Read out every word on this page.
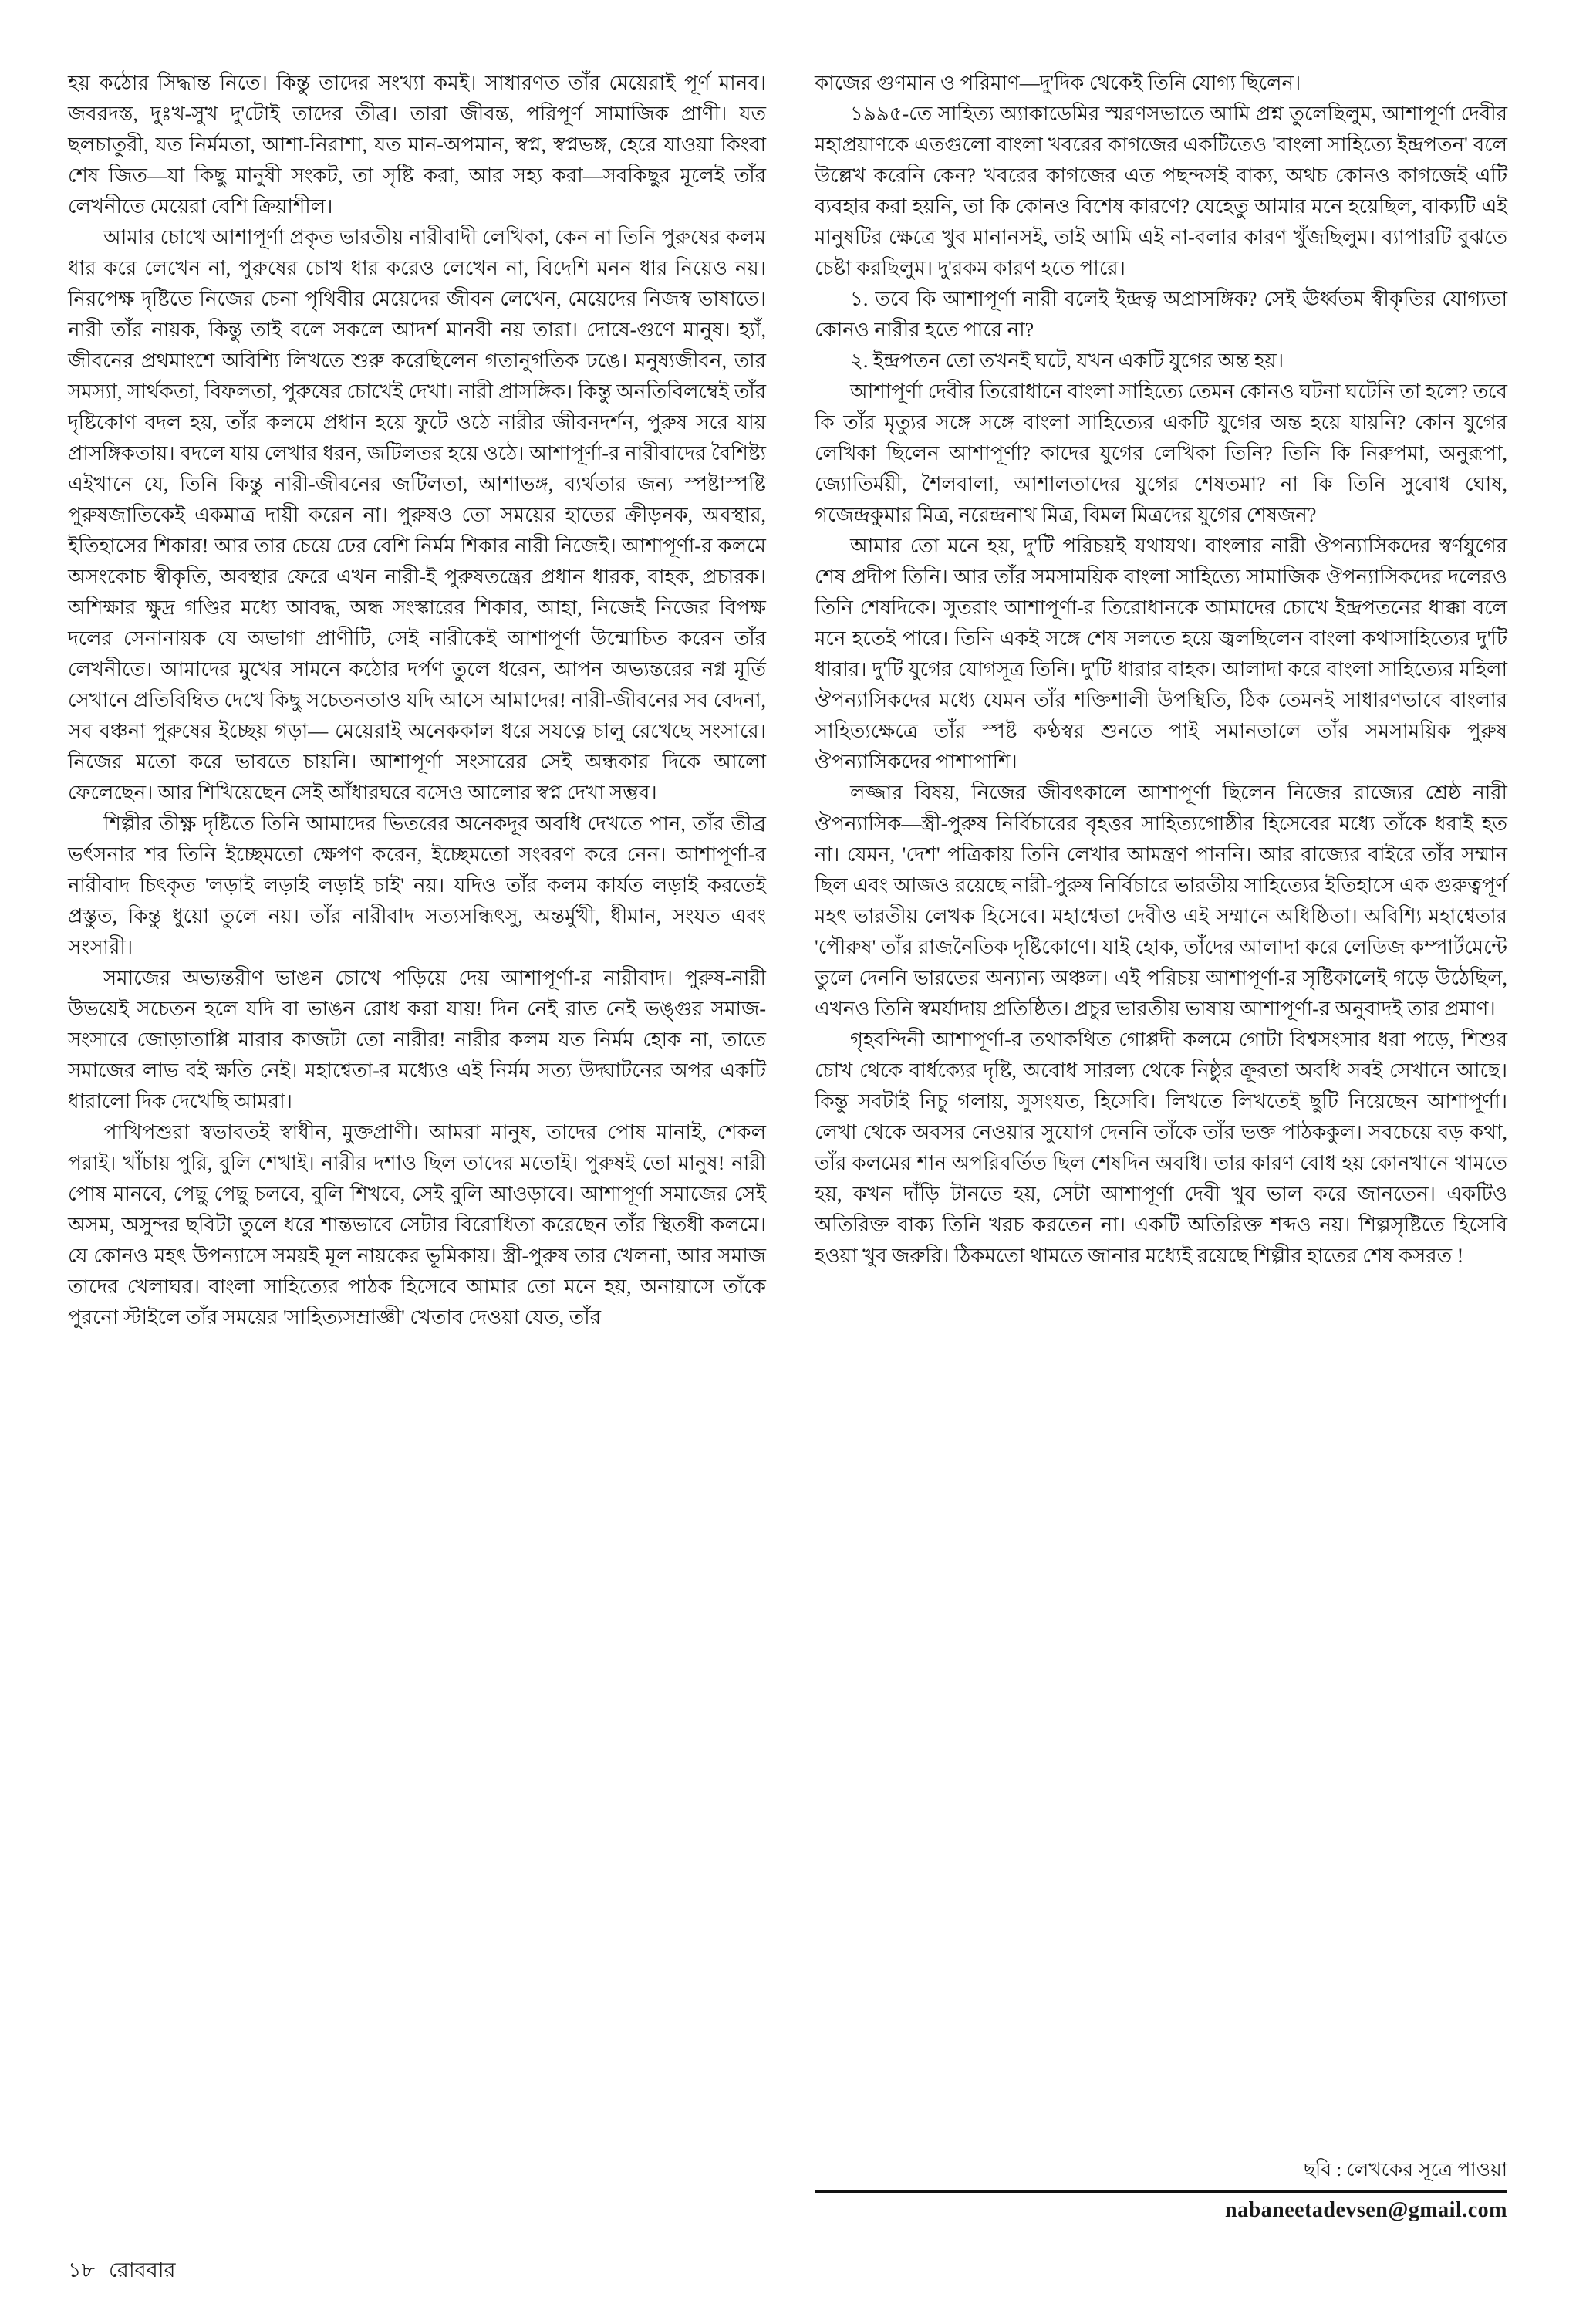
হয় কঠোর সিদ্ধান্ত নিতে। কিন্তু তাদের সংখ্যা কমই। সাধারণত তাঁর মেয়েরাই পূর্ণ মানব। জবরদস্ত, দুঃখ-সুখ দু'টোই তাদের তীব্র। তারা জীবন্ত, পরিপূর্ণ সামাজিক প্রাণী। যত ছলচাতুরী, যত নির্মমতা, আশা-নিরাশা, যত মান-অপমান, স্বপ্ন, স্বপ্নভঙ্গ, হেরে যাওয়া কিংবা শেষ জিত—যা কিছু মানুষী সংকট, তা সৃষ্টি করা, আর সহ্য করা—সবকিছুর মূলেই তাঁর লেখনীতে মেয়েরা বেশি ক্রিয়াশীল।

আমার চোখে আশাপূর্ণা প্রকৃত ভারতীয় নারীবাদী লেখিকা, কেন না তিনি পুরুষের কলম ধার করে লেখেন না, পুরুষের চোখ ধার করেও লেখেন না, বিদেশি মনন ধার নিয়েও নয়। নিরপেক্ষ দৃষ্টিতে নিজের চেনা পৃথিবীর মেয়েদের জীবন লেখেন, মেয়েদের নিজস্ব ভাষাতে। নারী তাঁর নায়ক, কিন্তু তাই বলে সকলে আদর্শ মানবী নয় তারা। দোষে-গুণে মানুষ। হ্যাঁ, জীবনের প্রথমাংশে অবিশ্যি লিখতে শুরু করেছিলেন গতানুগতিক ঢঙে। মনুষ্যজীবন, তার সমস্যা, সার্থকতা, বিফলতা, পুরুষের চোখেই দেখা। নারী প্রাসঙ্গিক। কিন্তু অনতিবিলম্বেই তাঁর দৃষ্টিকোণ বদল হয়, তাঁর কলমে প্রধান হয়ে ফুটে ওঠে নারীর জীবনদর্শন, পুরুষ সরে যায় প্রাসঙ্গিকতায়। বদলে যায় লেখার ধরন, জটিলতর হয়ে ওঠে। আশাপূর্ণা-র নারীবাদের বৈশিষ্ট্য এইখানে যে, তিনি কিন্তু নারী-জীবনের জটিলতা, আশাভঙ্গ, ব্যর্থতার জন্য স্পষ্টাস্পষ্টি পুরুষজাতিকেই একমাত্র দায়ী করেন না। পুরুষও তো সময়ের হাতের ক্রীড়নক, অবস্থার, ইতিহাসের শিকার! আর তার চেয়ে ঢের বেশি নির্মম শিকার নারী নিজেই। আশাপূর্ণা-র কলমে অসংকোচ স্বীকৃতি, অবস্থার ফেরে এখন নারী-ই পুরুষতন্ত্রের প্রধান ধারক, বাহক, প্রচারক। অশিক্ষার ক্ষুদ্র গণ্ডির মধ্যে আবদ্ধ, অন্ধ সংস্কারের শিকার, আহা, নিজেই নিজের বিপক্ষ দলের সেনানায়ক যে অভাগা প্রাণীটি, সেই নারীকেই আশাপূর্ণা উন্মোচিত করেন তাঁর লেখনীতে। আমাদের মুখের সামনে কঠোর দর্পণ তুলে ধরেন, আপন অভ্যন্তরের নগ্ন মূর্তি সেখানে প্রতিবিম্বিত দেখে কিছু সচেতনতাও যদি আসে আমাদের! নারী-জীবনের সব বেদনা, সব বঞ্চনা পুরুষের ইচ্ছেয় গড়া— মেয়েরাই অনেককাল ধরে সযত্নে চালু রেখেছে সংসারে। নিজের মতো করে ভাবতে চায়নি। আশাপূর্ণা সংসারের সেই অন্ধকার দিকে আলো ফেলেছেন। আর শিখিয়েছেন সেই আঁধারঘরে বসেও আলোর স্বপ্ন দেখা সম্ভব।

শিল্পীর তীক্ষ্ণ দৃষ্টিতে তিনি আমাদের ভিতরের অনেকদূর অবধি দেখতে পান, তাঁর তীব্র ভর্ৎসনার শর তিনি ইচ্ছেমতো ক্ষেপণ করেন, ইচ্ছেমতো সংবরণ করে নেন। আশাপূর্ণা-র নারীবাদ চিৎকৃত 'লড়াই লড়াই লড়াই চাই' নয়। যদিও তাঁর কলম কার্যত লড়াই করতেই প্রস্তুত, কিন্তু ধুয়ো তুলে নয়। তাঁর নারীবাদ সত্যসন্ধিৎসু, অন্তর্মুখী, ধীমান, সংযত এবং সংসারী।

সমাজের অভ্যন্তরীণ ভাঙন চোখে পড়িয়ে দেয় আশাপূর্ণা-র নারীবাদ। পুরুষ-নারী উভয়েই সচেতন হলে যদি বা ভাঙন রোধ করা যায়! দিন নেই রাত নেই ভঙ্গুর সমাজ-সংসারে জোড়াতাপ্পি মারার কাজটা তো নারীর! নারীর কলম যত নির্মম হোক না, তাতে সমাজের লাভ বই ক্ষতি নেই। মহাশ্বেতা-র মধ্যেও এই নির্মম সত্য উদ্ঘাটনের অপর একটি ধারালো দিক দেখেছি আমরা।

পাখিপশুরা স্বভাবতই স্বাধীন, মুক্তপ্রাণী। আমরা মানুষ, তাদের পোষ মানাই, শেকল পরাই। খাঁচায় পুরি, বুলি শেখাই। নারীর দশাও ছিল তাদের মতোই। পুরুষই তো মানুষ! নারী পোষ মানবে, পেছু পেছু চলবে, বুলি শিখবে, সেই বুলি আওড়াবে। আশাপূর্ণা সমাজের সেই অসম, অসুন্দর ছবিটা তুলে ধরে শান্তভাবে সেটার বিরোধিতা করেছেন তাঁর স্থিতধী কলমে। যে কোনও মহৎ উপন্যাসে সময়ই মূল নায়কের ভূমিকায়। স্ত্রী-পুরুষ তার খেলনা, আর সমাজ তাদের খেলাঘর। বাংলা সাহিত্যের পাঠক হিসেবে আমার তো মনে হয়, অনায়াসে তাঁকে পুরনো স্টাইলে তাঁর সময়ের 'সাহিত্যসম্রাজ্ঞী' খেতাব দেওয়া যেত, তাঁর

কাজের গুণমান ও পরিমাণ—দু'দিক থেকেই তিনি যোগ্য ছিলেন।

১৯৯৫-তে সাহিত্য অ্যাকাডেমির স্মরণসভাতে আমি প্রশ্ন তুলেছিলুম, আশাপূর্ণা দেবীর মহাপ্রয়াণকে এতগুলো বাংলা খবরের কাগজের একটিতেও 'বাংলা সাহিত্যে ইন্দ্রপতন' বলে উল্লেখ করেনি কেন? খবরের কাগজের এত পছন্দসই বাক্য, অথচ কোনও কাগজেই এটি ব্যবহার করা হয়নি, তা কি কোনও বিশেষ কারণে? যেহেতু আমার মনে হয়েছিল, বাক্যটি এই মানুষটির ক্ষেত্রে খুব মানানসই, তাই আমি এই না-বলার কারণ খুঁজছিলুম। ব্যাপারটি বুঝতে চেষ্টা করছিলুম। দু'রকম কারণ হতে পারে।

১. তবে কি আশাপূর্ণা নারী বলেই ইন্দ্রত্ব অপ্রাসঙ্গিক? সেই ঊর্ধ্বতম স্বীকৃতির যোগ্যতা কোনও নারীর হতে পারে না?

২. ইন্দ্রপতন তো তখনই ঘটে, যখন একটি যুগের অন্ত হয়।

আশাপূর্ণা দেবীর তিরোধানে বাংলা সাহিত্যে তেমন কোনও ঘটনা ঘটেনি তা হলে? তবে কি তাঁর মৃত্যুর সঙ্গে সঙ্গে বাংলা সাহিত্যের একটি যুগের অন্ত হয়ে যায়নি? কোন যুগের লেখিকা ছিলেন আশাপূর্ণা? কাদের যুগের লেখিকা তিনি? তিনি কি নিরুপমা, অনুরূপা, জ্যোতির্ময়ী, শৈলবালা, আশালতাদের যুগের শেষতমা? না কি তিনি সুবোধ ঘোষ, গজেন্দ্রকুমার মিত্র, নরেন্দ্রনাথ মিত্র, বিমল মিত্রদের যুগের শেষজন?

আমার তো মনে হয়, দু'টি পরিচয়ই যথাযথ। বাংলার নারী ঔপন্যাসিকদের স্বর্ণযুগের শেষ প্রদীপ তিনি। আর তাঁর সমসাময়িক বাংলা সাহিত্যে সামাজিক ঔপন্যাসিকদের দলেরও তিনি শেষদিকে। সুতরাং আশাপূর্ণা-র তিরোধানকে আমাদের চোখে ইন্দ্রপতনের ধাক্কা বলে মনে হতেই পারে। তিনি একই সঙ্গে শেষ সলতে হয়ে জ্বলছিলেন বাংলা কথাসাহিত্যের দু'টি ধারার। দু'টি যুগের যোগসূত্র তিনি। দু'টি ধারার বাহক। আলাদা করে বাংলা সাহিত্যের মহিলা ঔপন্যাসিকদের মধ্যে যেমন তাঁর শক্তিশালী উপস্থিতি, ঠিক তেমনই সাধারণভাবে বাংলার সাহিত্যক্ষেত্রে তাঁর স্পষ্ট কণ্ঠস্বর শুনতে পাই সমানতালে তাঁর সমসাময়িক পুরুষ ঔপন্যাসিকদের পাশাপাশি।

লজ্জার বিষয়, নিজের জীবৎকালে আশাপূর্ণা ছিলেন নিজের রাজ্যের শ্রেষ্ঠ নারী ঔপন্যাসিক—স্ত্রী-পুরুষ নির্বিচারের বৃহত্তর সাহিত্যগোষ্ঠীর হিসেবের মধ্যে তাঁকে ধরাই হত না। যেমন, 'দেশ' পত্রিকায় তিনি লেখার আমন্ত্রণ পাননি। আর রাজ্যের বাইরে তাঁর সম্মান ছিল এবং আজও রয়েছে নারী-পুরুষ নির্বিচারে ভারতীয় সাহিত্যের ইতিহাসে এক গুরুত্বপূর্ণ মহৎ ভারতীয় লেখক হিসেবে। মহাশ্বেতা দেবীও এই সম্মানে অধিষ্ঠিতা। অবিশ্যি মহাশ্বেতার 'পৌরুষ' তাঁর রাজনৈতিক দৃষ্টিকোণে। যাই হোক, তাঁদের আলাদা করে লেডিজ কম্পার্টমেন্টে তুলে দেননি ভারতের অন্যান্য অঞ্চল। এই পরিচয় আশাপূর্ণা-র সৃষ্টিকালেই গড়ে উঠেছিল, এখনও তিনি স্বমর্যাদায় প্রতিষ্ঠিত। প্রচুর ভারতীয় ভাষায় আশাপূর্ণা-র অনুবাদই তার প্রমাণ।

গৃহবন্দিনী আশাপূর্ণা-র তথাকথিত গোপ্পদী কলমে গোটা বিশ্বসংসার ধরা পড়ে, শিশুর চোখ থেকে বার্ধক্যের দৃষ্টি, অবোধ সারল্য থেকে নিষ্ঠুর ক্রূরতা অবধি সবই সেখানে আছে। কিন্তু সবটাই নিচু গলায়, সুসংযত, হিসেবি। লিখতে লিখতেই ছুটি নিয়েছেন আশাপূর্ণা। লেখা থেকে অবসর নেওয়ার সুযোগ দেননি তাঁকে তাঁর ভক্ত পাঠককুল। সবচেয়ে বড় কথা, তাঁর কলমের শান অপরিবর্তিত ছিল শেষদিন অবধি। তার কারণ বোধ হয় কোনখানে থামতে হয়, কখন দাঁড়ি টানতে হয়, সেটা আশাপূর্ণা দেবী খুব ভাল করে জানতেন। একটিও অতিরিক্ত বাক্য তিনি খরচ করতেন না। একটি অতিরিক্ত শব্দও নয়। শিল্পসৃষ্টিতে হিসেবি হওয়া খুব জরুরি। ঠিকমতো থামতে জানার মধ্যেই রয়েছে শিল্পীর হাতের শেষ কসরত !

ছবি : লেখকের সূত্রে পাওয়া
nabaneetadevsen@gmail.com
১৮ রোববার
